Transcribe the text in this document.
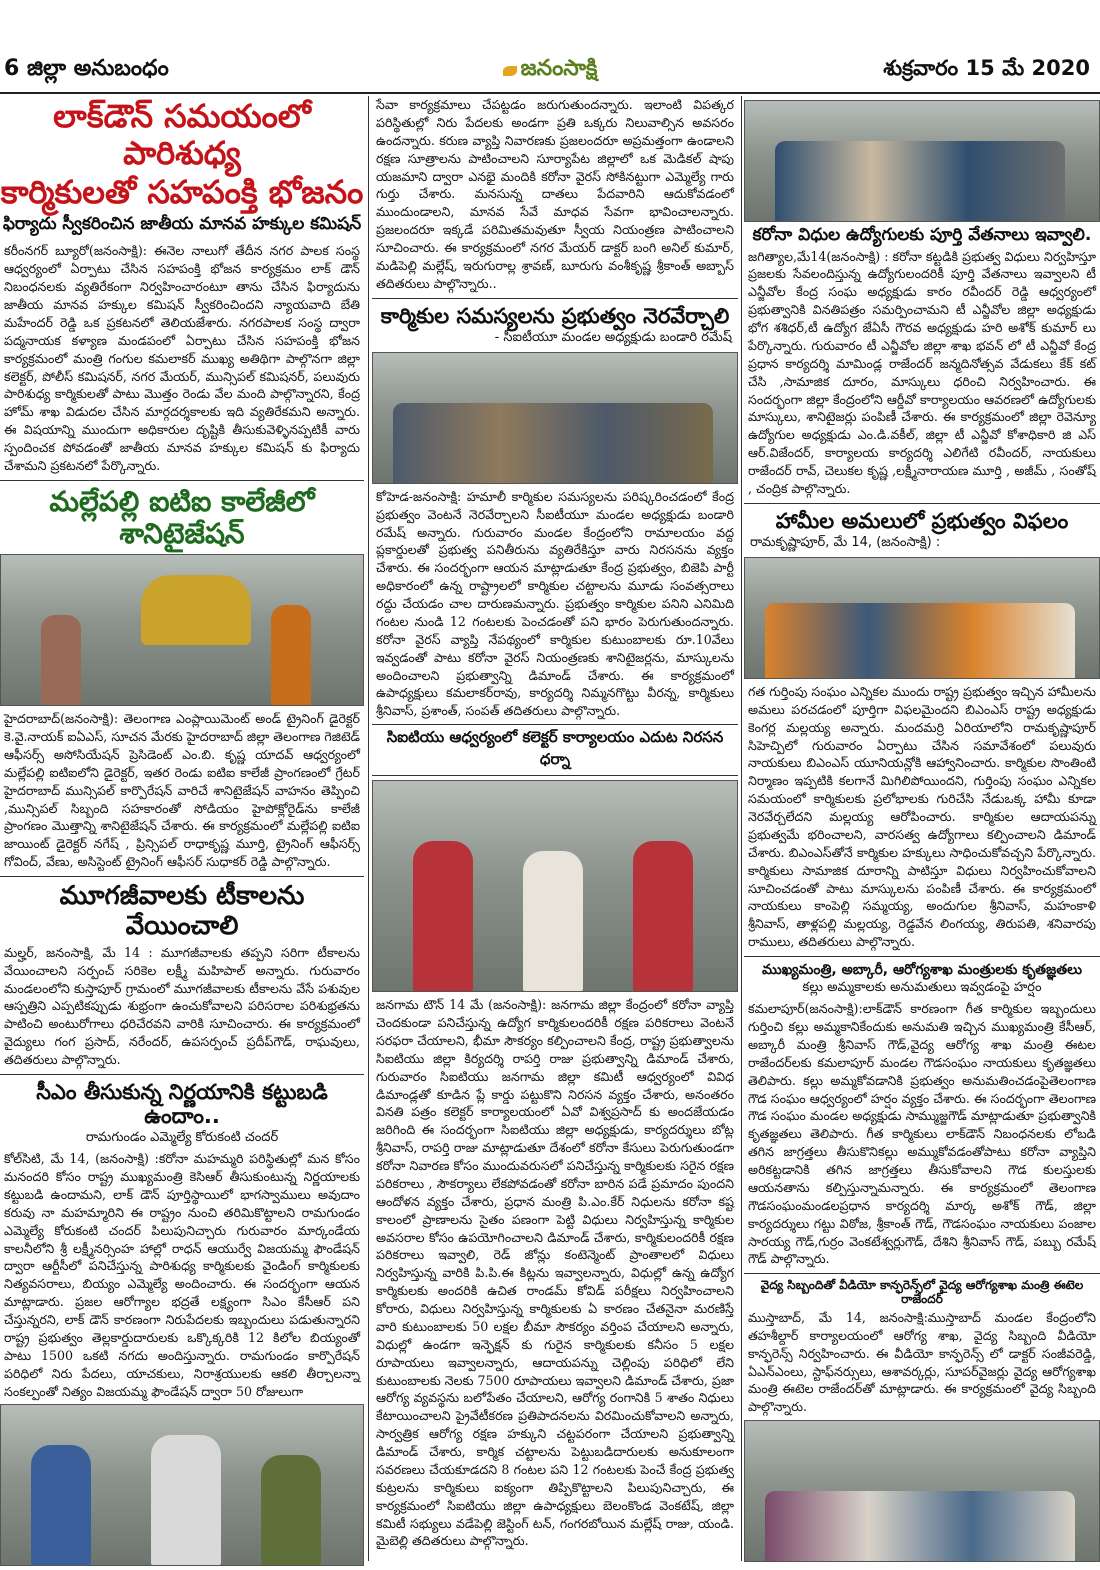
6 జిల్లా అనుబంధం	జనంసాక్షి	శుక్రవారం 15 మే 2020
లాక్‌డౌన్ సమయంలో పారిశుధ్య
కార్మికులతో సహపంక్తి భోజనం
ఫిర్యాదు స్వీకరించిన జాతీయ మానవ హక్కుల కమిషన్
కరీంనగర్ బ్యూరో(జనంసాక్షి): ఈనెల నాలుగో తేదీన నగర పాలక సంస్థ ఆధ్వర్యంలో ఏర్పాటు చేసిన సహపంక్తి భోజన కార్యక్రమం లాక్ డౌన్ నిబంధనలకు వ్యతిరేకంగా నిర్వహించారంటూ తాను చేసిన ఫిర్యాదును జాతీయ మానవ హక్కుల కమిషన్ స్వీకరించిందని న్యాయవాది బేతి మహేందర్ రెడ్డి ఒక ప్రకటనలో తెలియజేశారు. నగరపాలక సంస్థ ద్వారా పద్మనాయక కళ్యాణ మండపంలో ఏర్పాటు చేసిన సహపంక్తి భోజన కార్యక్రమంలో మంత్రి గంగుల కమలాకర్ ముఖ్య అతిథిగా పాల్గొనగా జిల్లా కలెక్టర్, పోలీస్ కమిషనర్, నగర మేయర్, మున్సిపల్ కమిషనర్, పలువురు పారిశుధ్య కార్మికులతో పాటు మొత్తం రెండు వేల మంది పాల్గొన్నారని, కేంద్ర హోమ్ శాఖ విడుదల చేసిన మార్గదర్శకాలకు ఇది వ్యతిరేకమని అన్నారు. ఈ విషయాన్ని ముందుగా అధికారుల దృష్టికి తీసుకువెళ్ళినప్పటికీ వారు స్పందించక పోవడంతో జాతీయ మానవ హక్కుల కమిషన్ కు ఫిర్యాదు చేశామని ప్రకటనలో పేర్కొన్నారు.
మల్లేపల్లి ఐటిఐ కాలేజీలో శానిటైజేషన్
హైదరాబాద్(జనంసాక్షి): తెలంగాణ ఎంప్లాయిమెంట్ అండ్ ట్రైనింగ్ డైరెక్టర్ కె.వై.నాయక్ ఐఏఎస్, సూచన మేరకు హైదరాబాద్ జిల్లా తెలంగాణ గెజిటెడ్ ఆఫీసర్స్ అసోసియేషన్ ప్రెసిడెంట్ ఎం.బి. కృష్ణ యాదవ్ ఆధ్వర్యంలో మల్లేపల్లి ఐటిఐలోని డైరెక్టర్, ఇతర రెండు ఐటిఐ కాలేజీ ప్రాంగణంలో గ్రేటర్ హైదరాబాద్ మున్సిపల్ కార్పొరేషన్ వారిచే శానిటైజేషన్ వాహనం తెప్పించి ,మున్సిపల్ సిబ్బంది సహకారంతో సోడియం హైపోక్లోరైడ్‌ను కాలేజీ ప్రాంగణం మొత్తాన్ని శానిటైజేషన్ చేశారు. ఈ కార్యక్రమంలో మల్లేపల్లి ఐటిఐ జాయింట్ డైరెక్టర్ నగేష్ , ప్రిన్సిపల్ రాధాకృష్ణ మూర్తి, ట్రైనింగ్ ఆఫీసర్స్ గోవింద్, వేణు, అసిస్టెంట్ ట్రైనింగ్ ఆఫీసర్ సుధాకర్ రెడ్డి పాల్గొన్నారు.
మూగజీవాలకు టీకాలను వేయించాలి
మల్హర్, జనంసాక్షి, మే 14 : మూగజీవాలకు తప్పని సరిగా టీకాలను వేయించాలని సర్పంచ్ సరికెల లక్ష్మీ మహిపాల్ అన్నారు. గురువారం మండలంలోని కుస్తాపూర్ గ్రామంలో మూగజీవాలకు టీకాలను వేసే పశువుల ఆస్పత్రిని ఎప్పటికప్పుడు శుభ్రంగా ఉంచుకోవాలని పరిసరాల పరిశుభ్రతను పాటించి అంటురోగాలు ధరిచేరవని వారికి సూచించారు. ఈ కార్యక్రమంలో వైద్యులు గంగ ప్రసాద్, నరేందర్, ఉపసర్పంచ్ ప్రదీప్‌గౌడ్, రాఘవులు, తదితరులు పాల్గొన్నారు.
సీఎం తీసుకున్న నిర్ణయానికి కట్టుబడి ఉందాం..
రామగుండం ఎమ్మెల్యే కోరుకంటి చందర్
కోల్‌సిటి, మే 14, (జనంసాక్షి) :కరోనా మహమ్మరి పరిస్థితుల్లో మన కోసం మనందరి కోసం రాష్ట్ర ముఖ్యమంత్రి కెసిఆర్ తీసుకుంటున్న నిర్ణయాలకు కట్టుబడి ఉందామని, లాక్ డౌన్ పూర్తిస్థాయిలో భాగస్వాములు అవుదాం కరువు నా మహమ్మారిని ఈ రాష్ట్రం నుంచి తరిమికొట్టాలని రామగుండం ఎమ్మెల్యే కోరుకంటి చందర్ పిలుపునిచ్చారు గురువారం మార్కండేయ కాలనీలోని శ్రీ లక్ష్మీనర్సింహ హాల్లో రాధన్ ఆయుర్వే విజయమ్మ ఫౌండేషన్ ద్వారా ఆర్టీసీలో పనిచేస్తున్న పారిశుధ్య కార్మికులకు వైండింగ్ కార్మికులకు నిత్యవసరాలు, బియ్యం ఎమ్మెల్యే అందించారు. ఈ సందర్భంగా ఆయన మాట్లాడారు. ప్రజల ఆరోగ్యాల భద్రతే లక్ష్యంగా సిఎం కేసీఆర్ పని చేస్తున్నరని, లాక్ డౌన్ కారణంగా నిరుపేదలకు ఇబ్బందులు పడుతున్నారని రాష్ట్ర ప్రభుత్వం తెల్లకార్డుదారులకు ఒక్కొక్కరికి 12 కిలోల బియ్యంతో పాటు 1500 ఒకటి నగదు అందిస్తున్నారు. రామగుండం కార్పొరేషన్ పరిధిలో నిరు పేదలు, యాచకులు, నిరాశ్రయులకు ఆకలి తీర్చాలన్నా సంకల్పంతో నిత్యం విజయమ్మ ఫౌండేషన్ ద్వారా 50 రోజులుగా
సేవా కార్యక్రమాలు చేపట్టడం జరుగుతుందన్నారు. ఇలాంటి విపత్కర పరిస్థితుల్లో నిరు పేదలకు అండగా ప్రతి ఒక్కరు నిలువాల్సిన అవసరం ఉందన్నారు. కరుణ వ్యాప్తి నివారణకు ప్రజలందరూ అప్రమత్తంగా ఉండాలని రక్షణ సూత్రాలను పాటించాలని సూర్యాపేట జిల్లాలో ఒక మెడికల్ షాపు యజమాని ద్వారా ఎనభై మందికి కరోనా వైరస్ సోకినట్టుగా ఎమ్మెల్యే గారు గుర్తు చేశారు. మనసున్న దాతలు పేదవారిని ఆదుకోవడంలో ముందుండాలని, మానవ సేవే మాధవ సేవగా భావించాలన్నారు. ప్రజలందరూ ఇక్కడే పరిమితమవుతూ స్వీయ నియంత్రణ పాటించాలని సూచించారు. ఈ కార్యక్రమంలో నగర మేయర్ డాక్టర్ బంగి అనిల్ కుమార్, మడిపెల్లి మల్లేష్, ఇరుగురాల్ల శ్రావణ్, బూరుగు వంశీకృష్ణ శ్రీకాంత్ అబ్బాస్ తదితరులు పాల్గొన్నారు..
కార్మికుల సమస్యలను ప్రభుత్వం నెరవేర్చాలి
- సీఐటీయూ మండల అధ్యక్షుడు బండారి రమేష్
కోహెడ-జనంసాక్షి: హమాలీ కార్మికుల సమస్యలను పరిష్కరించడంలో కేంద్ర ప్రభుత్వం వెంటనే నెరవేర్చాలని సీఐటీయూ మండల అధ్యక్షుడు బండారి రమేష్ అన్నారు. గురువారం మండల కేంద్రంలోని రామాలయం వద్ద ప్లకార్డులతో ప్రభుత్వ పనితీరును వ్యతిరేకిస్తూ వారు నిరసనను వ్యక్తం చేశారు. ఈ సందర్భంగా ఆయన మాట్లాడుతూ కేంద్ర ప్రభుత్వం, బిజెపి పార్టీ అధికారంలో ఉన్న రాష్ట్రాలలో కార్మికుల చట్టాలను మూడు సంవత్సరాలు రద్దు చేయడం చాల దారుణమన్నారు. ప్రభుత్వం కార్మికుల పనిని ఎనిమిది గంటల నుండి 12 గంటలకు పెంచడంతో పని భారం పెరుగుతుందన్నారు. కరోనా వైరస్ వ్యాప్తి నేపథ్యంలో కార్మికుల కుటుంబాలకు రూ.10వేలు ఇవ్వడంతో పాటు కరోనా వైరస్ నియంత్రణకు శానిటైజర్లను, మాస్కులను అందించాలని ప్రభుత్వాన్ని డిమాండ్ చేశారు. ఈ కార్యక్రమంలో ఉపాధ్యక్షులు కమలాకర్‌రావు, కార్యదర్శి నిమ్మనగొట్టు వీరన్న, కార్మికులు శ్రీనివాస్, ప్రశాంత్, సంపత్ తదితరులు పాల్గొన్నారు.
సిఐటియు ఆధ్వర్యంలో కలెక్టర్ కార్యాలయం ఎదుట నిరసన ధర్నా
జనగామ టౌన్ 14 మే (జనంసాక్షి): జనగామ జిల్లా కేంద్రంలో కరోనా వ్యాప్తి చెందకుండా పనిచేస్తున్న ఉద్యోగ కార్మికులందరికీ రక్షణ పరికరాలు వెంటనే సరఫరా చేయాలని, భీమా సౌకర్యం కల్పించాలని కేంద్ర, రాష్ట్ర ప్రభుత్వాలను సిఐటియు జిల్లా కిర్యదర్శి రాపర్తి రాజు ప్రభుత్వాన్ని డిమాండ్ చేశారు, గురువారం సిఐటియు జనగామ జిల్లా కమిటీ ఆధ్వర్యంలో వివిధ డిమాండ్లతో కూడిన ప్లే కార్డు పట్టుకొని నిరసన వ్యక్తం చేశారు, అనంతరం వినతి పత్రం కలెక్టర్ కార్యాలయంలో ఏవో విశ్వప్రసాద్ కు అందజేయడం జరిగింది ఈ సందర్భంగా సిఐటియు జిల్లా అధ్యక్షుడు, కార్యదర్శులు బోట్ల శ్రీనివాస్, రాపర్తి రాజు మాట్లాడుతూ దేశంలో కరోనా కేసులు పెరుగుతుండగా కరోనా నివారణ కోసం ముందువరుసలో పనిచేస్తున్న కార్మికులకు సరైన రక్షణ పరికరాలు , సౌకర్యాలు లేకపోవడంతో కరోనా బారిన పడే ప్రమాదం పుందని ఆందోళన వ్యక్తం చేశారు, ప్రధాన మంత్రి పి.ఎం.కేర్ నిధులను కరోనా కష్ట కాలంలో ప్రాణాలను సైతం పణంగా పెట్టి విధులు నిర్వహిస్తున్న కార్మికుల అవసరాల కోసం ఉపయోగించాలని డిమాండ్ చేశారు, కార్మికులందరికీ రక్షణ పరికరాలు ఇవ్వాలి, రెడ్ జోన్లు కంటెన్మెంట్ ప్రాంతాలలో విధులు నిర్వహిస్తున్న వారికి పి.పి.ఈ కిట్లను ఇవ్వాలన్నారు, విధుల్లో ఉన్న ఉద్యోగ కార్మికులకు అందరికి ఉచిత రాండమ్ కోవిడ్ పరీక్షలు నిర్వహించాలని కోరారు, విధులు నిర్వహిస్తున్న కార్మికులకు ఏ కారణం చేతనైనా మరణిస్తే వారి కుటుంబాలకు 50 లక్షల బీమా సౌకర్యం వర్తింప చేయాలని అన్నారు, విధుల్లో ఉండగా ఇన్ఫెక్షన్ కు గురైన కార్మికులకు కనీసం 5 లక్షల రూపాయలు ఇవ్వాలన్నారు, ఆదాయపన్ను చెల్లింపు పరిధిలో లేని కుటుంబాలకు నెలకు 7500 రూపాయలు ఇవ్వాలని డిమాండ్ చేశారు, ప్రజా ఆరోగ్య వ్యవస్థను బలోపేతం చేయాలని, ఆరోగ్య రంగానికి 5 శాతం నిధులు కేటాయించాలని ప్రైవేటీకరణ ప్రతిపాదనలను విరమించుకోవాలని అన్నారు, సార్వత్రిక ఆరోగ్య రక్షణ హక్కుని చట్టపరంగా చేయాలని ప్రభుత్వాన్ని డిమాండ్ చేశారు, కార్మిక చట్టాలను పెట్టుబడిదారులకు అనుకూలంగా సవరణలు చేయకూడదని 8 గంటల పని 12 గంటలకు పెంచే కేంద్ర ప్రభుత్వ కుట్రలను కార్మికులు ఐక్యంగా తిప్పికొట్టాలని పిలుపునిచ్చారు, ఈ కార్యక్రమంలో సిఐటియు జిల్లా ఉపాధ్యక్షులు బెలంకొండ వెంకటేష్, జిల్లా కమిటీ సభ్యులు వడేపెల్లి జెస్టింగ్ టన్, గంగరబోయిన మల్లేష్ రాజు, యండి. మైబెల్లి తదితరులు పాల్గొన్నారు.
కరోనా విధుల ఉద్యోగులకు పూర్తి వేతనాలు ఇవ్వాలి.
జగిత్యాల,మే14(జనంసాక్షి) : కరోనా కట్టడికి ప్రభుత్వ విధులు నిర్వహిస్తూ ప్రజలకు సేవలందిస్తున్న ఉద్యోగులందరికీ పూర్తి వేతనాలు ఇవ్వాలని టీ ఎన్జీవోల కేంద్ర సంఘ అధ్యక్షుడు కారం రవీందర్ రెడ్డి ఆధ్వర్యంలో ప్రభుత్వానికి వినతిపత్రం సమర్పించామని టీ ఎన్జీవోల జిల్లా అధ్యక్షుడు భోగ శశిధర్,టీ ఉద్యోగ జేఏసీ గౌరవ అధ్యక్షుడు హరి అశోక్ కుమార్ లు పేర్కొన్నారు. గురువారం టీ ఎన్జీవోల జిల్లా శాఖ భవన్ లో టీ ఎన్జీవో కేంద్ర ప్రధాన కార్యదర్శి మామిండ్ల రాజేందర్ జన్మదినోత్సవ వేడుకలు కేక్ కట్ చేసి ,సామాజిక దూరం, మాస్కులు ధరించి నిర్వహించారు. ఈ సందర్భంగా జిల్లా కేంద్రంలోని ఆర్డీవో కార్యాలయం ఆవరణలో ఉద్యోగులకు మాస్కులు, శానిటైజర్లు పంపిణీ చేశారు. ఈ కార్యక్రమంలో జిల్లా రెవెన్యూ ఉద్యోగుల అధ్యక్షుడు ఎం.డి.వకీల్, జిల్లా టీ ఎన్జీవో కోశాధికారి జి ఎస్ ఆర్.విజేందర్, కార్యాలయ కార్యదర్శి ఎలిగేటి రవీందర్, నాయకులు రాజేందర్ రావ్, చెలుకల కృష్ణ ,లక్ష్మీనారాయణ మూర్తి , అజీమ్ , సంతోష్ , చంద్రిక పాల్గొన్నారు.
హామీల అమలులో ప్రభుత్వం విఫలం
రామకృష్ణాపూర్, మే 14, (జనంసాక్షి) :
గత గుర్తింపు సంఘం ఎన్నికల ముందు రాష్ట్ర ప్రభుత్వం ఇచ్చిన హామీలను అమలు పరచడంలో పూర్తిగా విఫలమైందని బిఎంఎస్ రాష్ట్ర అధ్యక్షుడు కెంగర్ల మల్లయ్య అన్నారు. మందమర్రి ఏరియాలోని రామకృష్ణాపూర్ సిహెచ్పిలో గురువారం ఏర్పాటు చేసిన సమావేశంలో పలువురు నాయకులు బిఎంఎస్ యూనియన్లోకి ఆహ్వానించారు. కార్మికుల సొంతింటి నిర్మాణం ఇప్పటికి కలగానే మిగిలిపోయిందని, గుర్తింపు సంఘం ఎన్నికల సమయంలో కార్మికులకు ప్రలోభాలకు గురిచేసి నేడుఒక్క హామీ కూడా నెరవేర్చలేదని మల్లయ్య ఆరోపించారు. కార్మికుల ఆదాయపన్ను ప్రభుత్వమే భరించాలని, వారసత్వ ఉద్యోగాలు కల్పించాలని డిమాండ్ చేశారు. బిఎంఎస్‌తోనే కార్మికుల హక్కులు సాధించుకోవచ్చని పేర్కొన్నారు. కార్మికులు సామాజిక దూరాన్ని పాటిస్తూ విధులు నిర్వహించుకోవాలని సూచించడంతో పాటు మాస్కులను పంపిణీ చేశారు. ఈ కార్యక్రమంలో నాయకులు కాంపెల్లి సమ్మయ్య, అందుగుల శ్రీనివాస్, మహంకాళి శ్రీనివాస్, తాళ్లపల్లి మల్లయ్య, రెడ్డవేన లింగయ్య, తిరుపతి, శనివారపు రాములు, తదితరులు పాల్గొన్నారు.
ముఖ్యమంత్రి, అబ్కారీ, ఆరోగ్యశాఖ మంత్రులకు కృతజ్ఞతలు
కల్లు అమ్మకాలకు అనుమతులు ఇవ్వడంపై హర్షం
కమలాపూర్(జనంసాక్షి):లాక్‌డౌన్ కారణంగా గీత కార్మికుల ఇబ్బందులు గుర్తించి కల్లు అమ్మకానికేందుకు అనుమతి ఇచ్చిన ముఖ్యమంత్రి కేసీఆర్, అబ్కారీ మంత్రి శ్రీనివాస్ గౌడ్,వైద్య ఆరోగ్య శాఖ మంత్రి ఈటల రాజేందర్‌లకు కమలాపూర్ మండల గౌడసంఘం నాయకులు కృతజ్ఞతలు తెలిపారు. కల్లు అమ్మకోవడానికి ప్రభుత్వం అనుమతించడంపైతెలంగాణ గౌడ సంఘం ఆధ్వర్యంలో హర్షం వ్యక్తం చేశారు. ఈ సందర్భంగా తెలంగాణ గౌడ సంఘం మండల అధ్యక్షుడు సామ్ముజ్జగౌడ్ మాట్లాడుతూ ప్రభుత్వానికి కృతజ్ఞతలు తెలిపారు. గీత కార్మికులు లాక్‌డౌన్ నిబంధనలకు లోబడి తగిన జాగ్రత్తలు తీసుకొనికల్లు అమ్ముకోవడంతోపాటు కరోనా వ్యాప్తిని అరికట్టడానికి తగిన జాగ్రత్తలు తీసుకోవాలని గౌడ కులస్తులకు ఆయనతాను కల్పిస్తున్నామన్నారు. ఈ కార్యక్రమంలో తెలంగాణ గౌడసంఘంమండలప్రధాన కార్యదర్శి మార్క అశోక్ గౌడ్, జిల్లా కార్యదర్శులు గట్టు విఠోజ, శ్రీకాంత్ గౌడ్, గౌడసంఘం నాయకులు పంజాల సారయ్య గౌడ్,గుర్రం వెంకటేశ్వర్లుగౌడ్, దేశిని శ్రీనివాస్ గౌడ్, పబ్బు రమేష్ గౌడ్ పాల్గొన్నారు.
వైద్య సిబ్బందితో వీడియో కాన్ఫరెన్స్‌లో వైద్య ఆరోగ్యశాఖ మంత్రి ఈటెల రాజేందర్
ముస్తాబాద్, మే 14, జనంసాక్షి:ముస్తాబాద్ మండల కేంద్రంలోని తహశీల్దార్ కార్యాలయంలో ఆరోగ్య శాఖ, వైద్య సిబ్బంది వీడియో కాన్ఫరెన్స్ నిర్వహించారు. ఈ వీడియో కాన్ఫరెన్స్ లో డాక్టర్ సంజీవరెడ్డి, ఏఎన్ఎంలు, స్టాఫ్‌నర్సులు, ఆశావర్కర్లు, సూపర్‌వైజర్లు వైద్య ఆరోగ్యశాఖ మంత్రి ఈటెల రాజేందర్‌తో మాట్లాడారు. ఈ కార్యక్రమంలో వైద్య సిబ్బంది పాల్గొన్నారు.
